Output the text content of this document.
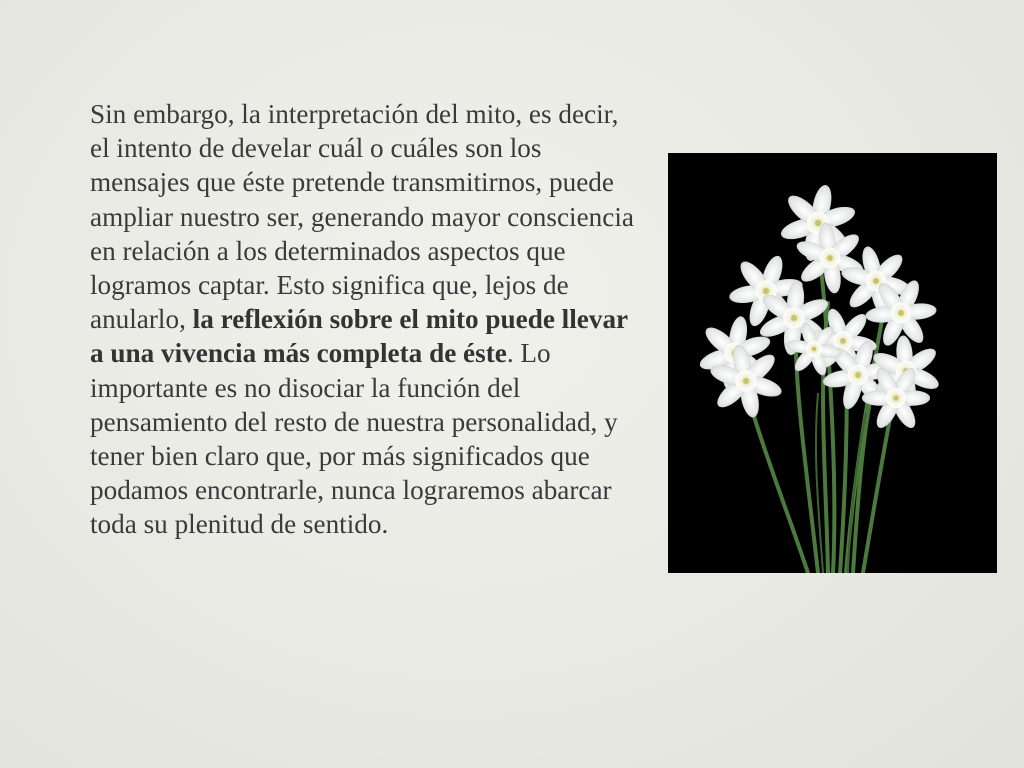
Sin embargo, la interpretación del mito, es decir, el intento de develar cuál o cuáles son los mensajes que éste pretende transmitirnos, puede ampliar nuestro ser, generando mayor consciencia en relación a los determinados aspectos que logramos captar. Esto significa que, lejos de anularlo, la reflexión sobre el mito puede llevar a una vivencia más completa de éste. Lo importante es no disociar la función del pensamiento del resto de nuestra personalidad, y tener bien claro que, por más significados que podamos encontrarle, nunca lograremos abarcar toda su plenitud de sentido.
